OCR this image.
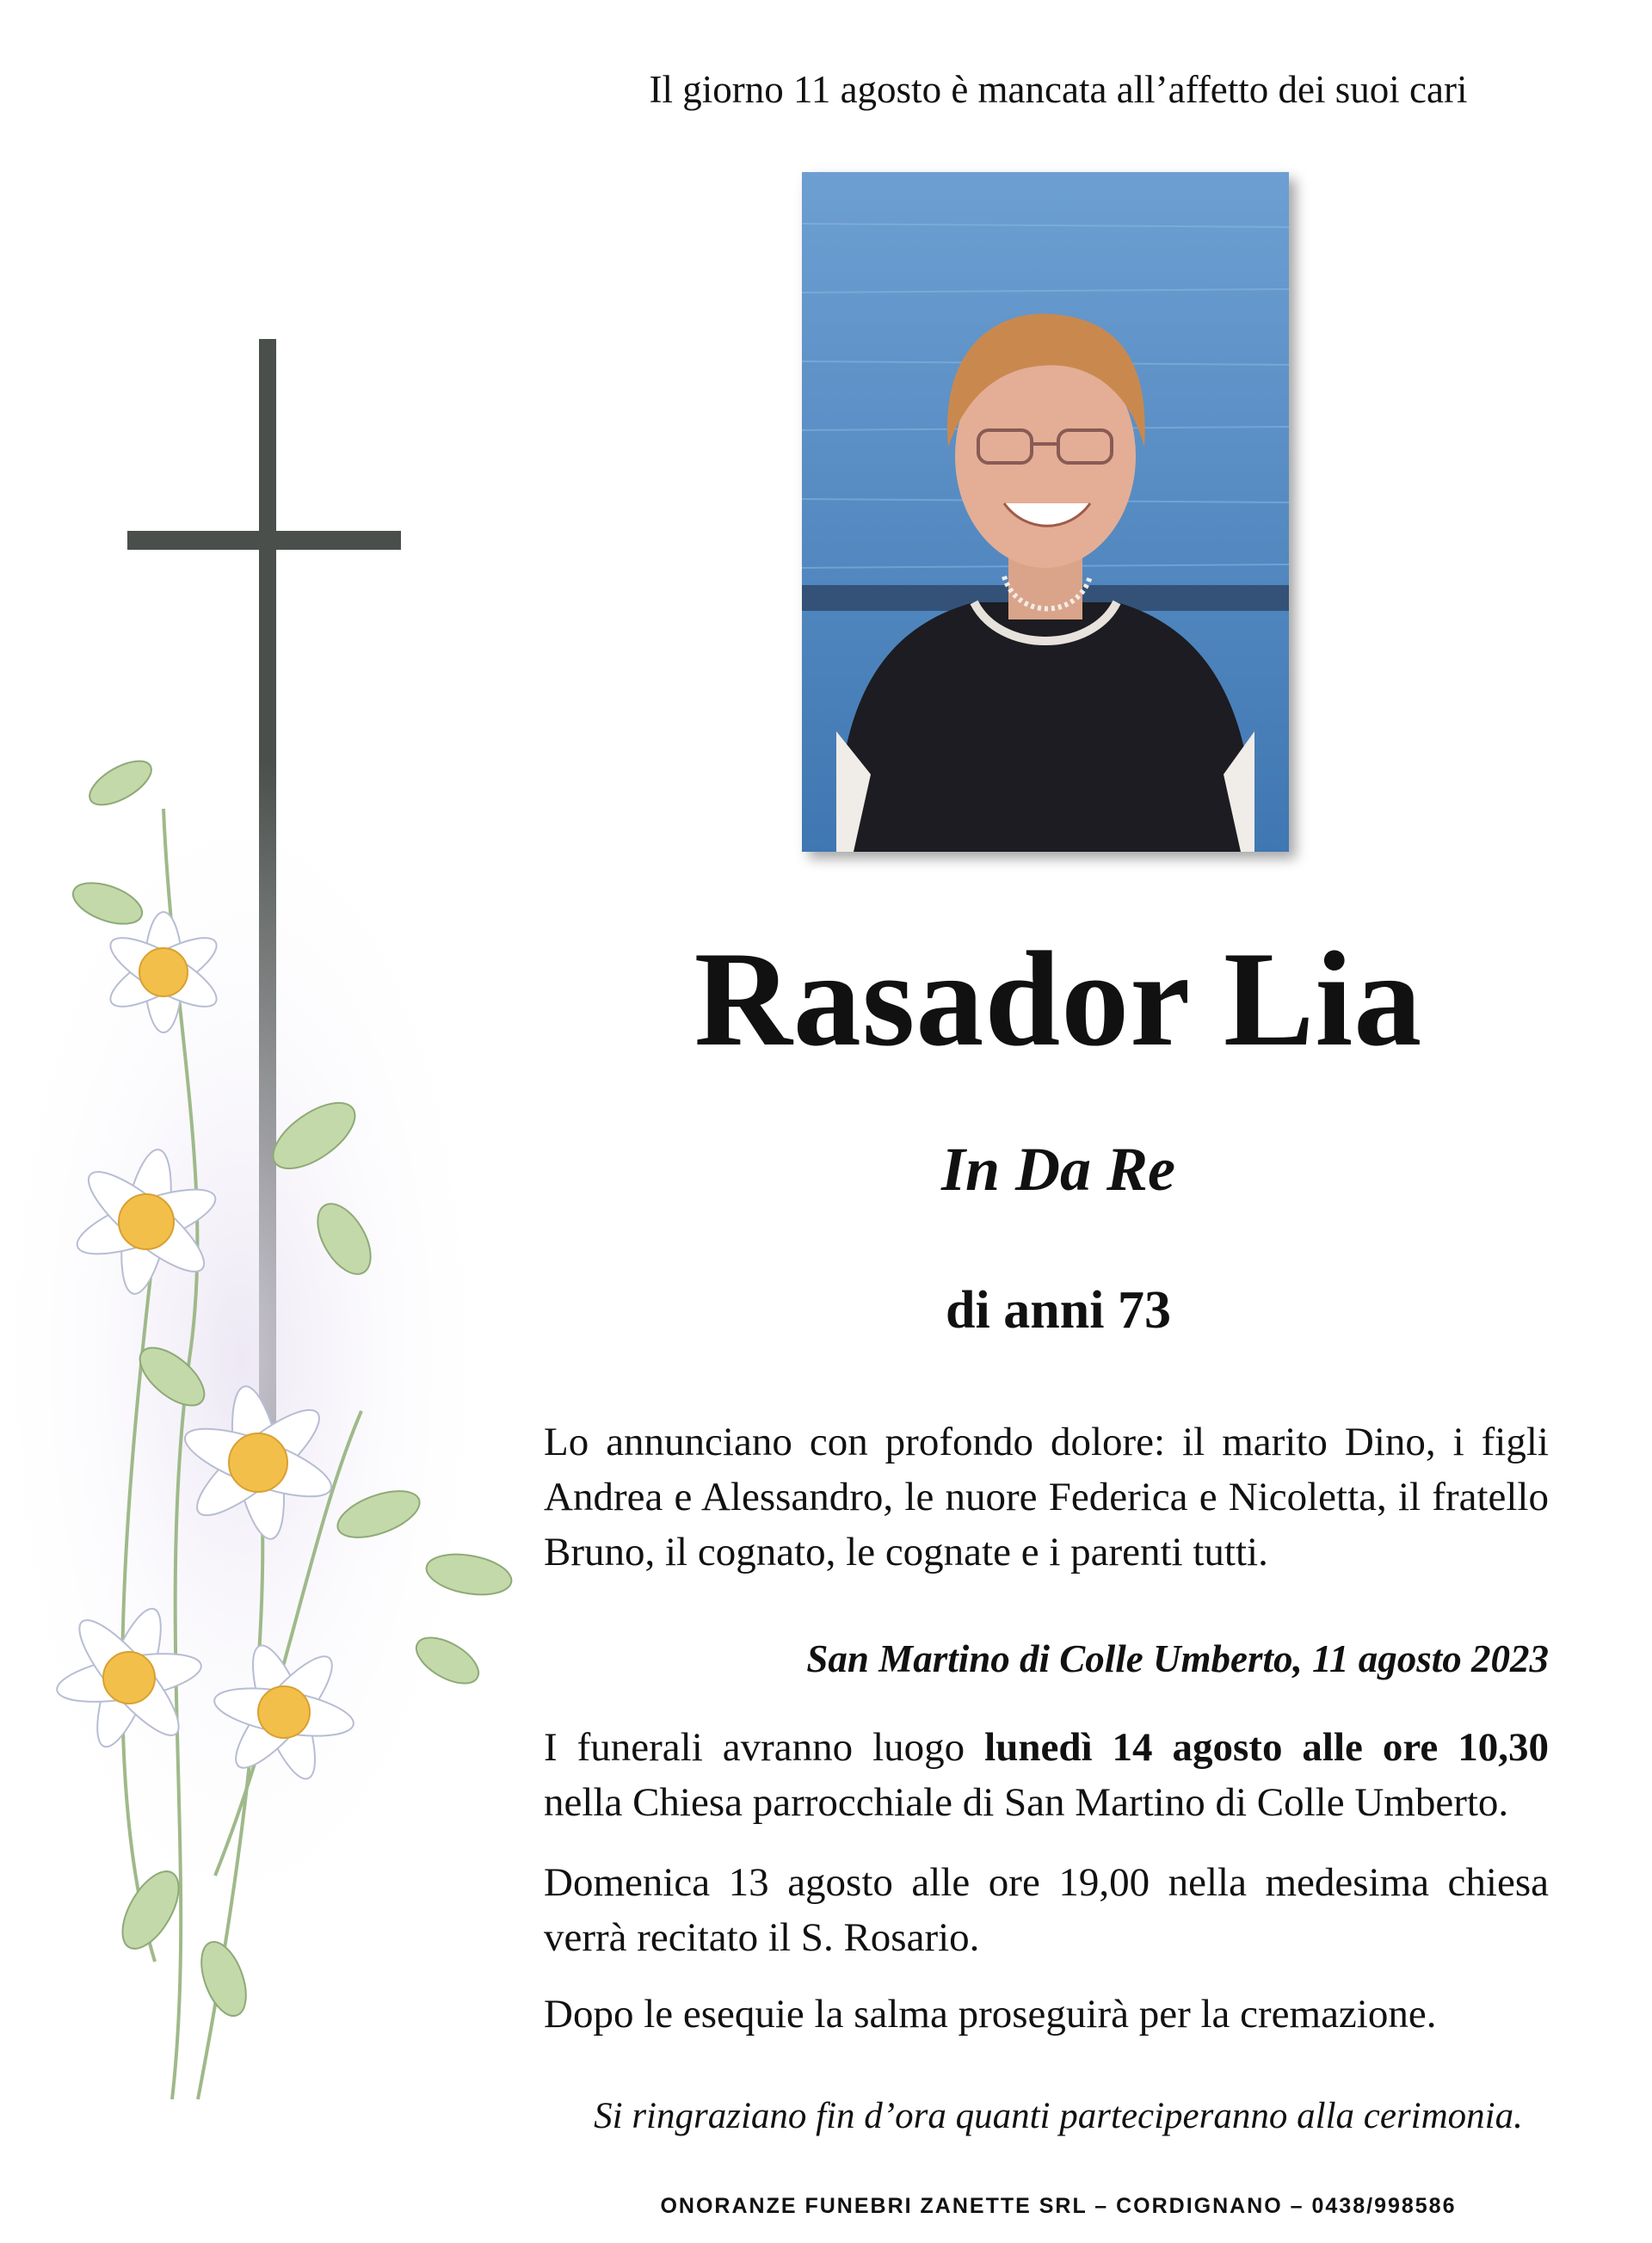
Il giorno 11 agosto è mancata all’affetto dei suoi cari
Rasador Lia
In Da Re
di anni 73
Lo annunciano con profondo dolore: il marito Dino, i figli Andrea e Alessandro, le nuore Federica e Nicoletta, il fratello Bruno, il cognato, le cognate e i parenti tutti.
San Martino di Colle Umberto, 11 agosto 2023
I funerali avranno luogo lunedì 14 agosto alle ore 10,30 nella Chiesa parrocchiale di San Martino di Colle Umberto.
Domenica 13 agosto alle ore 19,00 nella medesima chiesa verrà recitato il S. Rosario.
Dopo le esequie la salma proseguirà per la cremazione.
Si ringraziano fin d’ora quanti parteciperanno alla cerimonia.
ONORANZE FUNEBRI ZANETTE SRL – CORDIGNANO – 0438/998586
